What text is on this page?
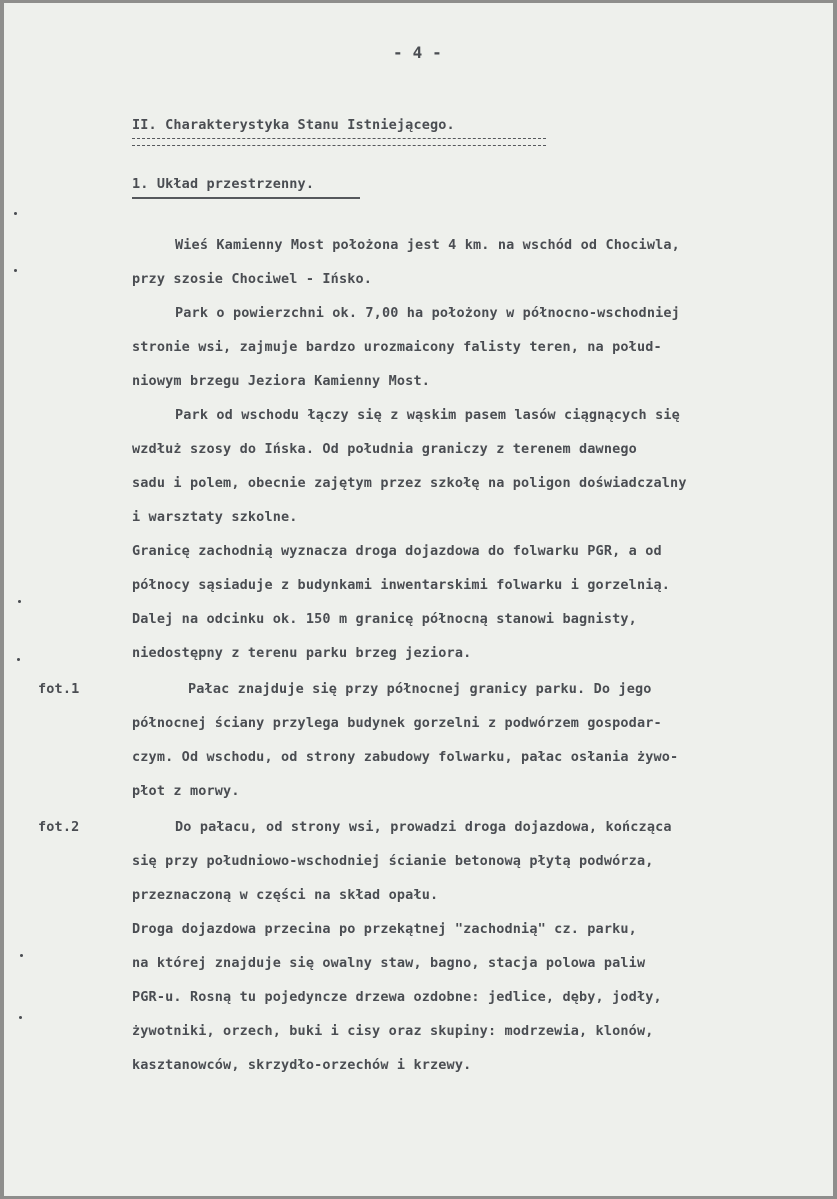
- 4 -
II. Charakterystyka Stanu Istniejącego.
1. Układ przestrzenny.
fot.1
fot.2
Wieś Kamienny Most położona jest 4 km. na wschód od Chociwla,
przy szosie Chociwel - Ińsko.
Park o powierzchni ok. 7,00 ha położony w północno-wschodniej
stronie wsi, zajmuje bardzo urozmaicony falisty teren, na połud-
niowym brzegu Jeziora Kamienny Most.
Park od wschodu łączy się z wąskim pasem lasów ciągnących się
wzdłuż szosy do Ińska. Od południa graniczy z terenem dawnego
sadu i polem, obecnie zajętym przez szkołę na poligon doświadczalny
i warsztaty szkolne.
Granicę zachodnią wyznacza droga dojazdowa do folwarku PGR, a od
północy sąsiaduje z budynkami inwentarskimi folwarku i gorzelnią.
Dalej na odcinku ok. 150 m granicę północną stanowi bagnisty,
niedostępny z terenu parku brzeg jeziora.
Pałac znajduje się przy północnej granicy parku. Do jego
północnej ściany przylega budynek gorzelni z podwórzem gospodar-
czym. Od wschodu, od strony zabudowy folwarku, pałac osłania żywo-
płot z morwy.
Do pałacu, od strony wsi, prowadzi droga dojazdowa, kończąca
się przy południowo-wschodniej ścianie betonową płytą podwórza,
przeznaczoną w części na skład opału.
Droga dojazdowa przecina po przekątnej "zachodnią" cz. parku,
na której znajduje się owalny staw, bagno, stacja polowa paliw
PGR-u. Rosną tu pojedyncze drzewa ozdobne: jedlice, dęby, jodły,
żywotniki, orzech, buki i cisy oraz skupiny: modrzewia, klonów,
kasztanowców, skrzydło-orzechów i krzewy.
